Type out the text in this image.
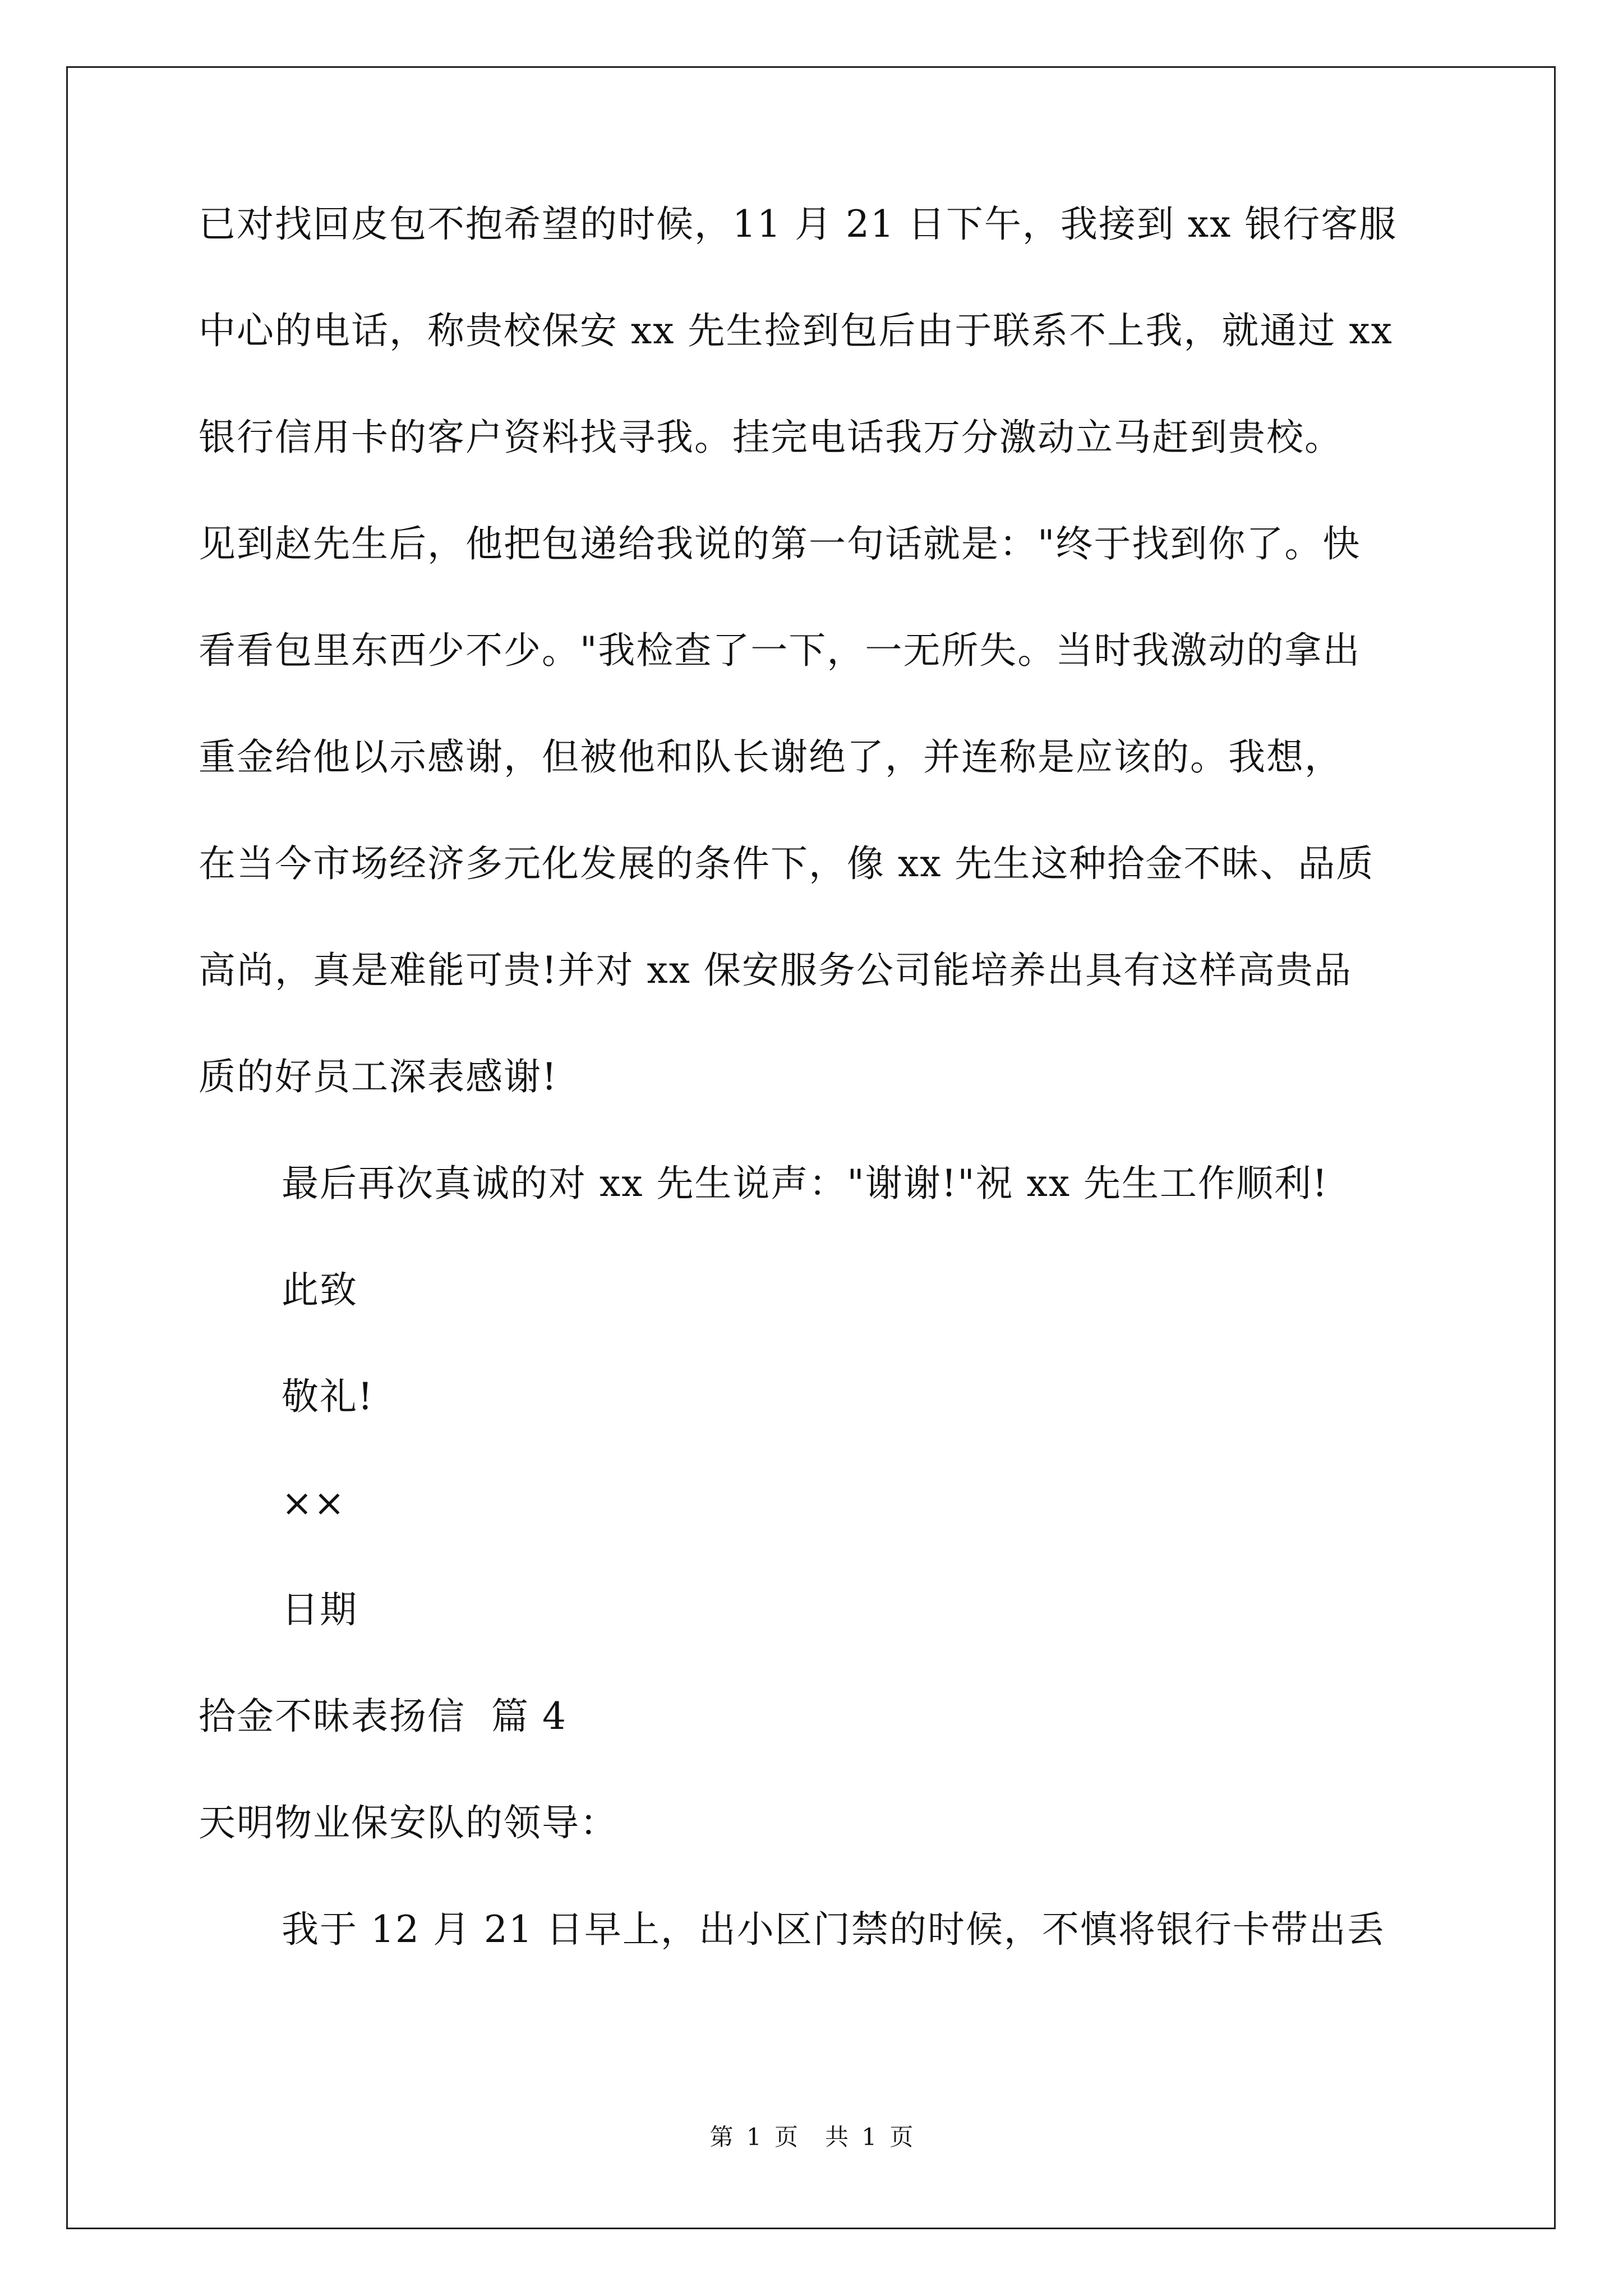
已对找回皮包不抱希望的时候，11 月 21 日下午，我接到 xx 银行客服
中心的电话，称贵校保安 xx 先生捡到包后由于联系不上我，就通过 xx
银行信用卡的客户资料找寻我。挂完电话我万分激动立马赶到贵校。
见到赵先生后，他把包递给我说的第一句话就是："终于找到你了。快
看看包里东西少不少。"我检查了一下，一无所失。当时我激动的拿出
重金给他以示感谢，但被他和队长谢绝了，并连称是应该的。我想，
在当今市场经济多元化发展的条件下，像 xx 先生这种拾金不昧、品质
高尚，真是难能可贵!并对 xx 保安服务公司能培养出具有这样高贵品
质的好员工深表感谢!
最后再次真诚的对 xx 先生说声："谢谢!"祝 xx 先生工作顺利!
此致
敬礼!
××
日期
拾金不昧表扬信  篇 4
天明物业保安队的领导：
我于 12 月 21 日早上，出小区门禁的时候，不慎将银行卡带出丢
第 1 页 共 1 页
